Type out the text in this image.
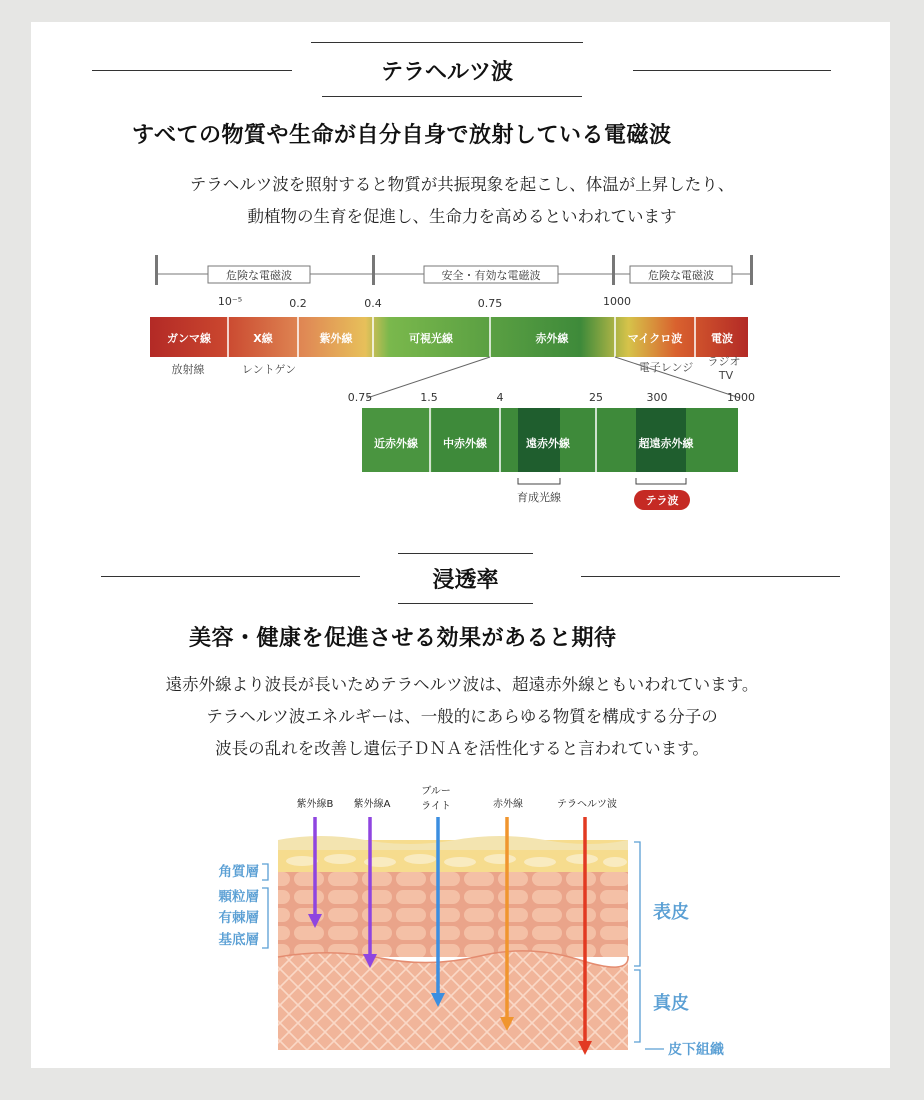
テラヘルツ波
すべての物質や生命が自分自身で放射している電磁波
テラヘルツ波を照射すると物質が共振現象を起こし、体温が上昇したり、
動植物の生育を促進し、生命力を高めるといわれています
危険な電磁波	安全・有効な電磁波	危険な電磁波
10⁻⁵	0.2	0.4	0.75	1000
ガンマ線	X線	紫外線	可視光線	赤外線	マイクロ波	電波
放射線	レントゲン	電子レンジ ラジオ
TV
0.75	1.5	4	25	300	1000
近赤外線 中赤外線	遠赤外線	超遠赤外線
育成光線	テラ波
浸透率
美容・健康を促進させる効果があると期待
遠赤外線より波長が長いためテラヘルツ波は、超遠赤外線ともいわれています。
テラヘルツ波エネルギーは、一般的にあらゆる物質を構成する分子の
波長の乱れを改善し遺伝子ＤＮＡを活性化すると言われています。
紫外線B 紫外線A
ブルー
ライト	赤外線	テラヘルツ波
角質層
顆粒層
有棘層
基底層
表皮
真皮
皮下組織
